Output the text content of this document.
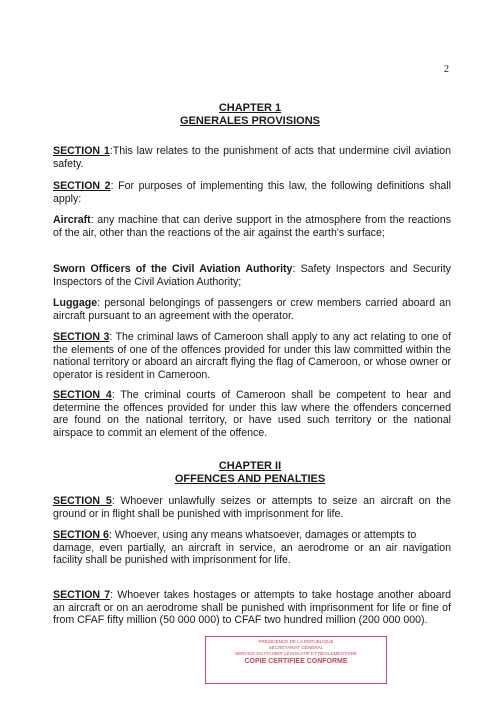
2
CHAPTER 1
GENERALES PROVISIONS

SECTION 1:This law relates to the punishment of acts that undermine civil aviation safety.

SECTION 2: For purposes of implementing this law, the following definitions shall apply:

Aircraft: any machine that can derive support in the atmosphere from the reactions of the air, other than the reactions of the air against the earth's surface;

Sworn Officers of the Civil Aviation Authority: Safety Inspectors and Security Inspectors of the Civil Aviation Authority;

Luggage: personal belongings of passengers or crew members carried aboard an aircraft pursuant to an agreement with the operator.

SECTION 3: The criminal laws of Cameroon shall apply to any act relating to one of the elements of one of the offences provided for under this law committed within the national territory or aboard an aircraft flying the flag of Cameroon, or whose owner or operator is resident in Cameroon.

SECTION 4: The criminal courts of Cameroon shall be competent to hear and determine the offences provided for under this law where the offenders concerned are found on the national territory, or have used such territory or the national airspace to commit an element of the offence.

CHAPTER II
OFFENCES AND PENALTIES

SECTION 5: Whoever unlawfully seizes or attempts to seize an aircraft on the ground or in flight shall be punished with imprisonment for life.

SECTION 6: Whoever, using any means whatsoever, damages or attempts to
damage, even partially, an aircraft in service, an aerodrome or an air navigation facility shall be punished with imprisonment for life.

SECTION 7: Whoever takes hostages or attempts to take hostage another aboard an aircraft or on an aerodrome shall be punished with imprisonment for life or fine of from CFAF fifty million (50 000 000) to CFAF two hundred million (200 000 000).

PRÉSIDENCE DE LA RÉPUBLIQUE
SECRÉTARIAT GÉNÉRAL
SERVICE DU FICHIER LÉGISLATIF ET RÉGLEMENTAIRE
COPIE CERTIFIÉE CONFORME
